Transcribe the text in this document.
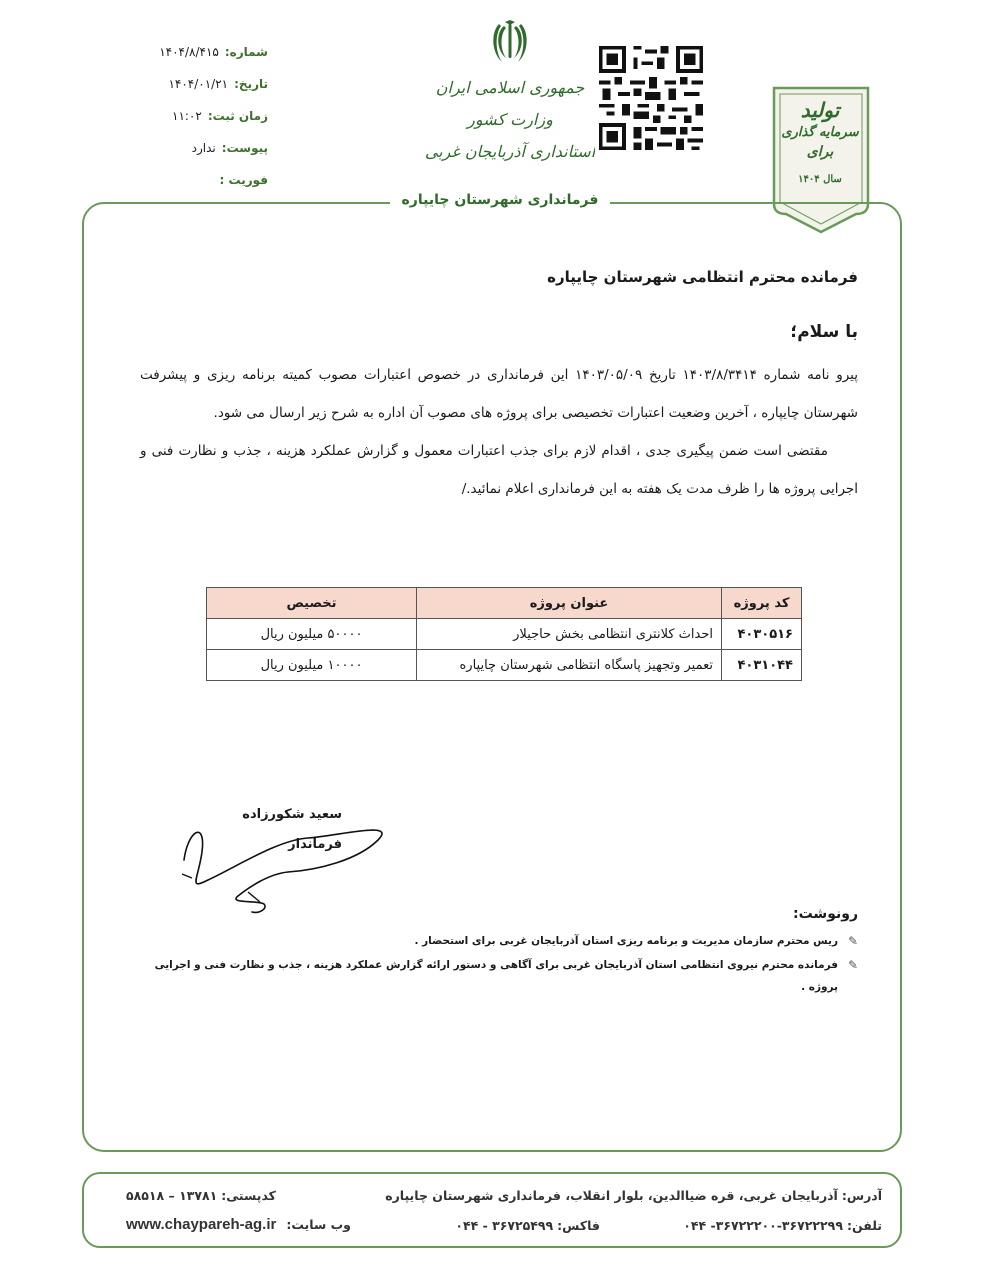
شماره:
۱۴۰۴/۸/۴۱۵
تاریخ:
۱۴۰۴/۰۱/۲۱
زمان ثبت:
۱۱:۰۲
پیوست:
ندارد
فوریت :
جمهوری اسلامی ایران
وزارت کشور
استانداری آذربایجان غربی
تولید
سرمایه گذاری
برای
سال ۱۴۰۴
فرمانداری شهرستان چایپاره
فرمانده محترم انتظامی شهرستان چایپاره
با سلام؛

پیرو نامه شماره ۱۴۰۳/۸/۳۴۱۴ تاریخ ۱۴۰۳/۰۵/۰۹ این فرمانداری در خصوص اعتبارات مصوب کمیته برنامه ریزی و پیشرفت شهرستان چایپاره ، آخرین وضعیت اعتبارات تخصیصی برای پروژه های مصوب آن اداره به شرح زیر ارسال می شود.

مقتضی است ضمن پیگیری جدی ، اقدام لازم برای جذب اعتبارات معمول و گزارش عملکرد هزینه ، جذب و نظارت فنی و اجرایی پروژه ها را ظرف مدت یک هفته به این فرمانداری اعلام نمائید./

کد پروژه	عنوان پروژه	تخصیص
۴۰۳۰۵۱۶	احداث کلانتری انتظامی بخش حاجیلار	۵۰۰۰۰ میلیون ریال
۴۰۳۱۰۴۴	تعمیر وتجهیز پاسگاه انتظامی شهرستان چایپاره	۱۰۰۰۰ میلیون ریال
سعید شکورزاده
فرماندار
رونوشت:
✎
ریس محترم سازمان مدیریت و برنامه ریزی استان آذربایجان غربی برای استحضار .
✎
فرمانده محترم نیروی انتظامی استان آذربایجان غربی برای آگاهی و دستور ارائه گزارش عملکرد هزینه ، جذب و نظارت فنی و اجرایی پروژه .
آدرس:
آذربایجان غربی، قره ضیاالدین، بلوار انقلاب، فرمانداری شهرستان چایپاره
کدپستی:
۱۳۷۸۱ – ۵۸۵۱۸
تلفن:
۳۶۷۲۲۲۰۰-۳۶۷۲۲۲۹۹- ۰۴۴
فاکس:
۳۶۷۲۵۴۹۹ - ۰۴۴
وب سایت:
www.chaypareh-ag.ir
